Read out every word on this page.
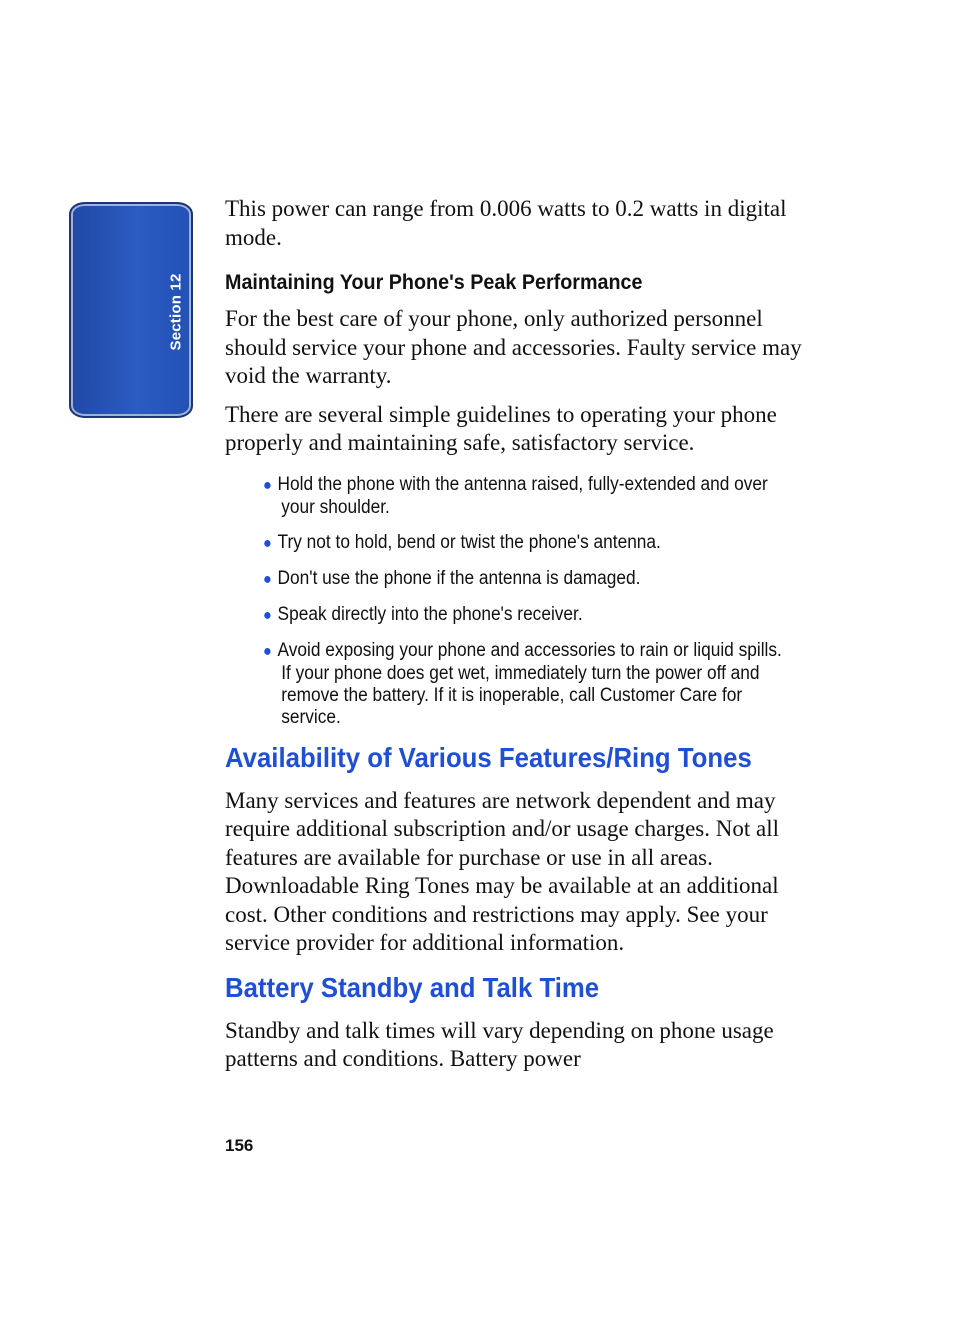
Section 12

This power can range from 0.006 watts to 0.2 watts in digital mode.

Maintaining Your Phone's Peak Performance

For the best care of your phone, only authorized personnel should service your phone and accessories. Faulty service may void the warranty.

There are several simple guidelines to operating your phone properly and maintaining safe, satisfactory service.

● Hold the phone with the antenna raised, fully-extended and over your shoulder.
● Try not to hold, bend or twist the phone's antenna.
● Don't use the phone if the antenna is damaged.
● Speak directly into the phone's receiver.
● Avoid exposing your phone and accessories to rain or liquid spills. If your phone does get wet, immediately turn the power off and remove the battery. If it is inoperable, call Customer Care for service.
Availability of Various Features/Ring Tones

Many services and features are network dependent and may require additional subscription and/or usage charges. Not all features are available for purchase or use in all areas. Downloadable Ring Tones may be available at an additional cost. Other conditions and restrictions may apply. See your service provider for additional information.

Battery Standby and Talk Time

Standby and talk times will vary depending on phone usage patterns and conditions. Battery power

156
